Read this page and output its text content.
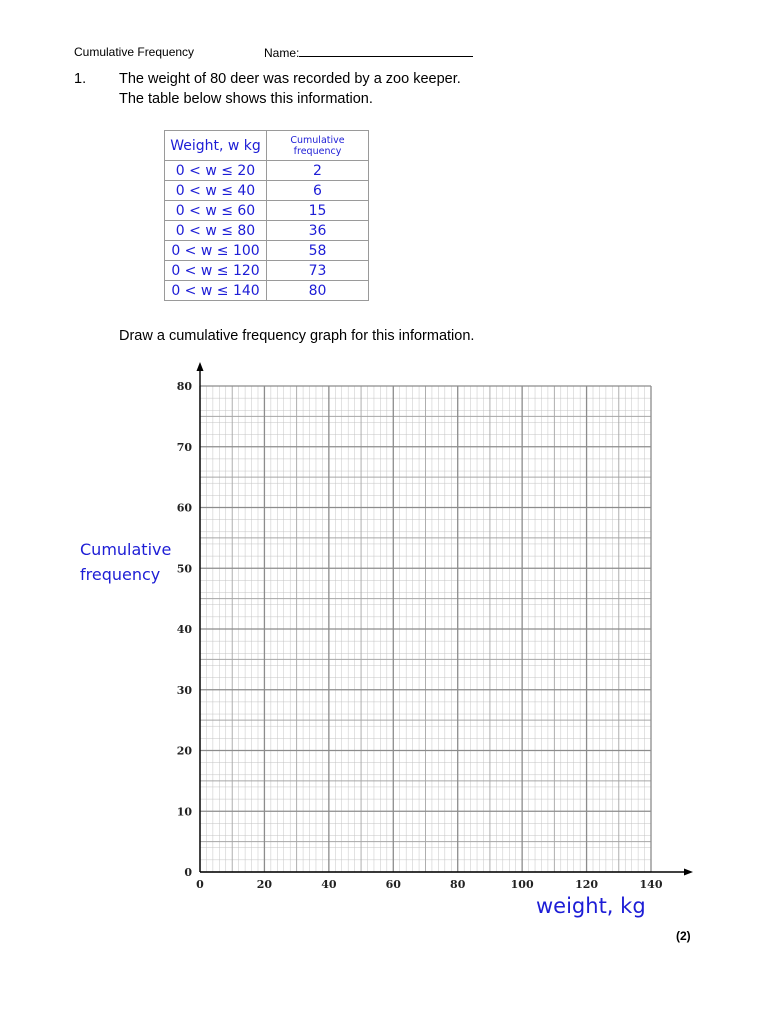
Cumulative Frequency	Name:
1. The weight of 80 deer was recorded by a zoo keeper.
The table below shows this information.
Weight, w kg	Cumulative frequency
0 < w ≤ 20	2
0 < w ≤ 40	6
0 < w ≤ 60	15
0 < w ≤ 80	36
0 < w ≤ 100	58
0 < w ≤ 120	73
0 < w ≤ 140	80
Draw a cumulative frequency graph for this information.
0	20	40	60	80	100	120	140
0
10
20
30
40
50
60
70
80
Cumulative frequency
weight, kg
(2)
